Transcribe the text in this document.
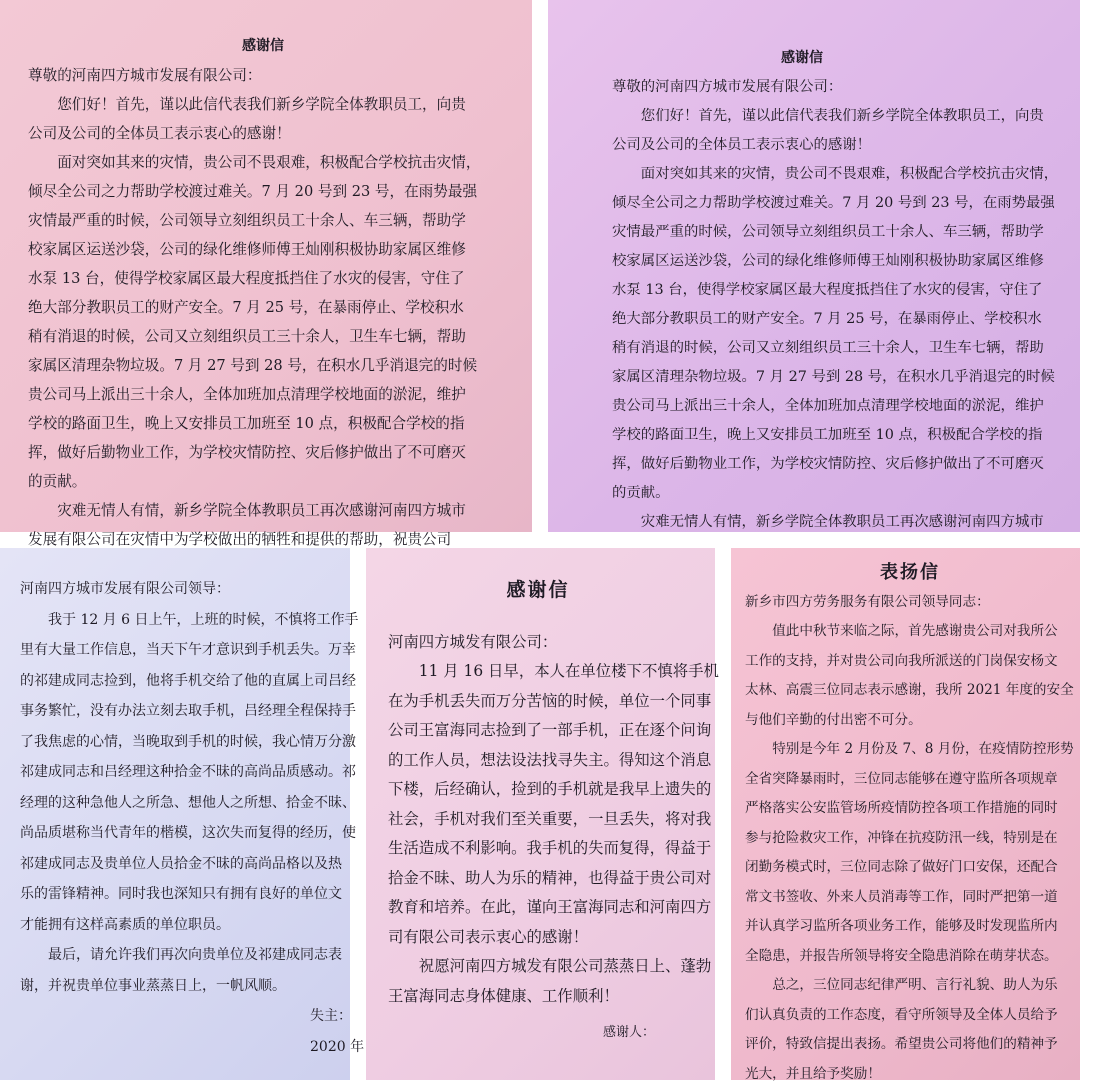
感谢信

尊敬的河南四方城市发展有限公司：

您们好！首先，谨以此信代表我们新乡学院全体教职员工，向贵

公司及公司的全体员工表示衷心的感谢！

面对突如其来的灾情，贵公司不畏艰难，积极配合学校抗击灾情，

倾尽全公司之力帮助学校渡过难关。7 月 20 号到 23 号，在雨势最强

灾情最严重的时候，公司领导立刻组织员工十余人、车三辆，帮助学

校家属区运送沙袋，公司的绿化维修师傅王灿刚积极协助家属区维修

水泵 13 台，使得学校家属区最大程度抵挡住了水灾的侵害，守住了

绝大部分教职员工的财产安全。7 月 25 号，在暴雨停止、学校积水

稍有消退的时候，公司又立刻组织员工三十余人，卫生车七辆，帮助

家属区清理杂物垃圾。7 月 27 号到 28 号，在积水几乎消退完的时候

贵公司马上派出三十余人，全体加班加点清理学校地面的淤泥，维护

学校的路面卫生，晚上又安排员工加班至 10 点，积极配合学校的指

挥，做好后勤物业工作，为学校灾情防控、灾后修护做出了不可磨灭

的贡献。

灾难无情人有情，新乡学院全体教职员工再次感谢河南四方城市

发展有限公司在灾情中为学校做出的牺牲和提供的帮助，祝贵公司

感谢信

尊敬的河南四方城市发展有限公司：

您们好！首先，谨以此信代表我们新乡学院全体教职员工，向贵

公司及公司的全体员工表示衷心的感谢！

面对突如其来的灾情，贵公司不畏艰难，积极配合学校抗击灾情，

倾尽全公司之力帮助学校渡过难关。7 月 20 号到 23 号，在雨势最强

灾情最严重的时候，公司领导立刻组织员工十余人、车三辆，帮助学

校家属区运送沙袋，公司的绿化维修师傅王灿刚积极协助家属区维修

水泵 13 台，使得学校家属区最大程度抵挡住了水灾的侵害，守住了

绝大部分教职员工的财产安全。7 月 25 号，在暴雨停止、学校积水

稍有消退的时候，公司又立刻组织员工三十余人，卫生车七辆，帮助

家属区清理杂物垃圾。7 月 27 号到 28 号，在积水几乎消退完的时候

贵公司马上派出三十余人，全体加班加点清理学校地面的淤泥，维护

学校的路面卫生，晚上又安排员工加班至 10 点，积极配合学校的指

挥，做好后勤物业工作，为学校灾情防控、灾后修护做出了不可磨灭

的贡献。

灾难无情人有情，新乡学院全体教职员工再次感谢河南四方城市

河南四方城市发展有限公司领导：

我于 12 月 6 日上午，上班的时候，不慎将工作手

里有大量工作信息，当天下午才意识到手机丢失。万幸

的祁建成同志捡到，他将手机交给了他的直属上司吕经

事务繁忙，没有办法立刻去取手机，吕经理全程保持手

了我焦虑的心情，当晚取到手机的时候，我心情万分激

祁建成同志和吕经理这种拾金不昧的高尚品质感动。祁

经理的这种急他人之所急、想他人之所想、拾金不昧、

尚品质堪称当代青年的楷模，这次失而复得的经历，使

祁建成同志及贵单位人员拾金不昧的高尚品格以及热

乐的雷锋精神。同时我也深知只有拥有良好的单位文

才能拥有这样高素质的单位职员。

最后，请允许我们再次向贵单位及祁建成同志表

谢，并祝贵单位事业蒸蒸日上，一帆风顺。

失主：

2020 年

感谢信

河南四方城发有限公司：

11 月 16 日早，本人在单位楼下不慎将手机

在为手机丢失而万分苦恼的时候，单位一个同事

公司王富海同志捡到了一部手机，正在逐个问询

的工作人员，想法设法找寻失主。得知这个消息

下楼，后经确认，捡到的手机就是我早上遗失的

社会，手机对我们至关重要，一旦丢失，将对我

生活造成不利影响。我手机的失而复得，得益于

拾金不昧、助人为乐的精神，也得益于贵公司对

教育和培养。在此，谨向王富海同志和河南四方

司有限公司表示衷心的感谢！

祝愿河南四方城发有限公司蒸蒸日上、蓬勃

王富海同志身体健康、工作顺利！

感谢人：

表扬信

新乡市四方劳务服务有限公司领导同志：

值此中秋节来临之际，首先感谢贵公司对我所公

工作的支持，并对贵公司向我所派送的门岗保安杨文

太林、高震三位同志表示感谢，我所 2021 年度的安全

与他们辛勤的付出密不可分。

特别是今年 2 月份及 7、8 月份，在疫情防控形势

全省突降暴雨时，三位同志能够在遵守监所各项规章

严格落实公安监管场所疫情防控各项工作措施的同时

参与抢险救灾工作，冲锋在抗疫防汛一线，特别是在

闭勤务模式时，三位同志除了做好门口安保，还配合

常文书签收、外来人员消毒等工作，同时严把第一道

并认真学习监所各项业务工作，能够及时发现监所内

全隐患，并报告所领导将安全隐患消除在萌芽状态。

总之，三位同志纪律严明、言行礼貌、助人为乐

们认真负责的工作态度，看守所领导及全体人员给予

评价，特致信提出表扬。希望贵公司将他们的精神予

光大，并且给予奖励！
